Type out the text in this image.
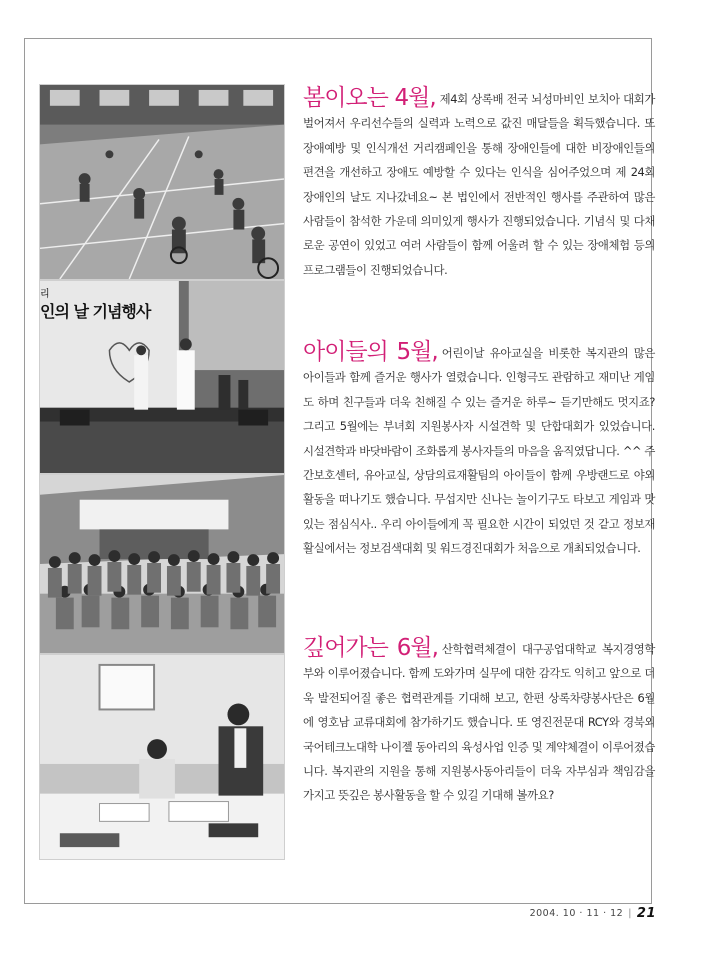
리
인의 날 기념행사

봄이오는 4월, 제4회 상록배 전국 뇌성마비인 보치아 대회가 벌어져서 우리선수들의 실력과 노력으로 값진 매달들을 획득했습니다. 또 장애예방 및 인식개선 거리캠페인을 통해 장애인들에 대한 비장애인들의 편견을 개선하고 장애도 예방할 수 있다는 인식을 심어주었으며 제 24회 장애인의 날도 지나갔네요~ 본 법인에서 전반적인 행사를 주관하여 많은 사람들이 참석한 가운데 의미있게 행사가 진행되었습니다. 기념식 및 다채로운 공연이 있었고 여러 사람들이 함께 어울려 할 수 있는 장애체험 등의 프로그램들이 진행되었습니다.

아이들의 5월, 어린이날 유아교실을 비롯한 복지관의 많은 아이들과 함께 즐거운 행사가 열렸습니다. 인형극도 관람하고 재미난 게임도 하며 친구들과 더욱 친해질 수 있는 즐거운 하루~ 듣기만해도 멋지죠? 그리고 5월에는 부녀회 지원봉사자 시설견학 및 단합대회가 있었습니다. 시설견학과 바닷바람이 조화롭게 봉사자들의 마음을 움직였답니다. ^^ 주간보호센터, 유아교실, 상담의료재활팀의 아이들이 함께 우방랜드로 야외활동을 떠나기도 했습니다. 무섭지만 신나는 놀이기구도 타보고 게임과 맛있는 점심식사.. 우리 아이들에게 꼭 필요한 시간이 되었던 것 같고 정보재활실에서는 정보검색대회 및 워드경진대회가 처음으로 개최되었습니다.

깊어가는 6월, 산학협력체결이 대구공업대학교 복지경영학부와 이루어졌습니다. 함께 도와가며 실무에 대한 감각도 익히고 앞으로 더욱 발전되어질 좋은 협력관계를 기대해 보고, 한편 상록차량봉사단은 6월에 영호남 교류대회에 참가하기도 했습니다. 또 영진전문대 RCY와 경북외국어테크노대학 나이젤 동아리의 육성사업 인증 및 계약체결이 이루어졌습니다. 복지관의 지원을 통해 지원봉사동아리들이 더욱 자부심과 책임감을 가지고 뜻깊은 봉사활동을 할 수 있길 기대해 볼까요?

2004. 10 · 11 · 12 | 21
